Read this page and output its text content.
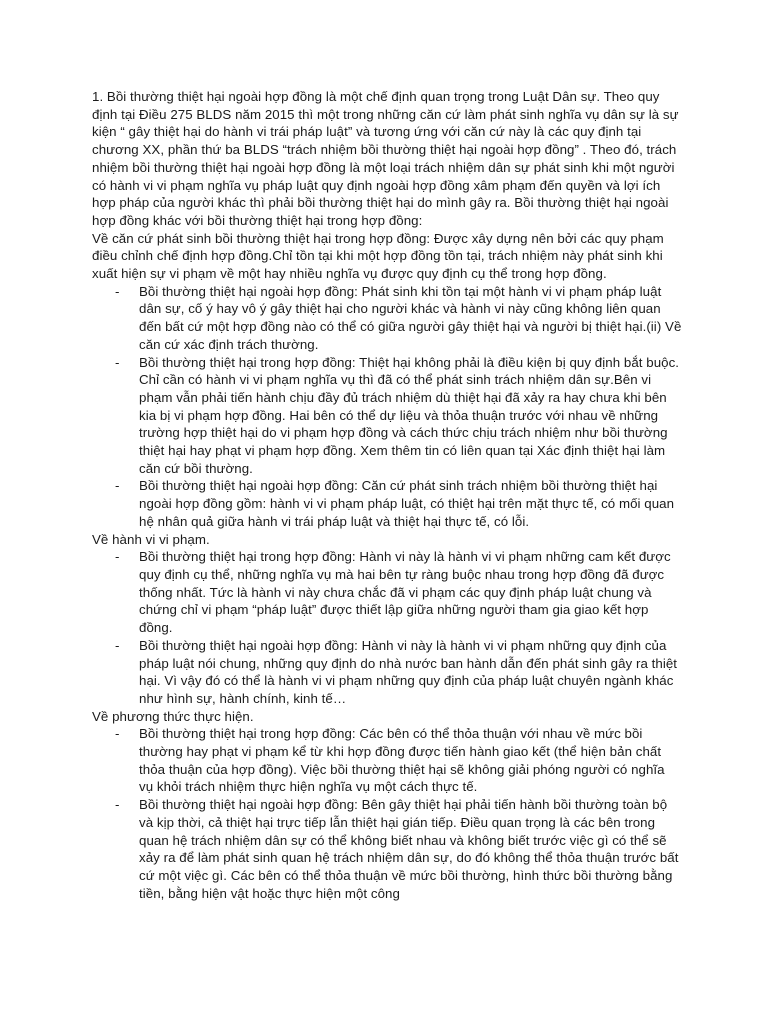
1. Bồi thường thiệt hại ngoài hợp đồng là một chế định quan trọng trong Luật Dân sự. Theo quy định tại Điều 275 BLDS năm 2015 thì một trong những căn cứ làm phát sinh nghĩa vụ dân sự là sự kiện “ gây thiệt hại do hành vi trái pháp luật” và tương ứng với căn cứ này là các quy định tại chương XX, phần thứ ba BLDS “trách nhiệm bồi thường thiệt hại ngoài hợp đồng” . Theo đó, trách nhiệm bồi thường thiệt hại ngoài hợp đồng là một loại trách nhiệm dân sự phát sinh khi một người có hành vi vi phạm nghĩa vụ pháp luật quy định ngoài hợp đồng xâm phạm đến quyền và lợi ích hợp pháp của người khác thì phải bồi thường thiệt hại do mình gây ra. Bồi thường thiệt hại ngoài hợp đồng khác với bồi thường thiệt hại trong hợp đồng:

Về căn cứ phát sinh bồi thường thiệt hại trong hợp đồng: Được xây dựng nên bởi các quy phạm điều chỉnh chế định hợp đồng.Chỉ tồn tại khi một hợp đồng tồn tại, trách nhiệm này phát sinh khi xuất hiện sự vi phạm về một hay nhiều nghĩa vụ được quy định cụ thể trong hợp đồng.

- Bồi thường thiệt hại ngoài hợp đồng: Phát sinh khi tồn tại một hành vi vi phạm pháp luật dân sự, cố ý hay vô ý gây thiệt hại cho người khác và hành vi này cũng không liên quan đến bất cứ một hợp đồng nào có thể có giữa người gây thiệt hại và người bị thiệt hại.(ii) Về căn cứ xác định trách thường.
- Bồi thường thiệt hại trong hợp đồng: Thiệt hại không phải là điều kiện bị quy định bắt buộc. Chỉ cần có hành vi vi phạm nghĩa vụ thì đã có thể phát sinh trách nhiệm dân sự.Bên vi phạm vẫn phải tiến hành chịu đầy đủ trách nhiệm dù thiệt hại đã xảy ra hay chưa khi bên kia bị vi phạm hợp đồng. Hai bên có thể dự liệu và thỏa thuận trước với nhau về những trường hợp thiệt hại do vi phạm hợp đồng và cách thức chịu trách nhiệm như bồi thường thiệt hại hay phạt vi phạm hợp đồng. Xem thêm tin có liên quan tại Xác định thiệt hại làm căn cứ bồi thường.
- Bồi thường thiệt hại ngoài hợp đồng: Căn cứ phát sinh trách nhiệm bồi thường thiệt hại ngoài hợp đồng gồm: hành vi vi phạm pháp luật, có thiệt hại trên mặt thực tế, có mối quan hệ nhân quả giữa hành vi trái pháp luật và thiệt hại thực tế, có lỗi.

Về hành vi vi phạm.

- Bồi thường thiệt hại trong hợp đồng: Hành vi này là hành vi vi phạm những cam kết được quy định cụ thể, những nghĩa vụ mà hai bên tự ràng buộc nhau trong hợp đồng đã được thống nhất. Tức là hành vi này chưa chắc đã vi phạm các quy định pháp luật chung và chứng chỉ vi phạm “pháp luật” được thiết lập giữa những người tham gia giao kết hợp đồng.
- Bồi thường thiệt hại ngoài hợp đồng: Hành vi này là hành vi vi phạm những quy định của pháp luật nói chung, những quy định do nhà nước ban hành dẫn đến phát sinh gây ra thiệt hại. Vì vậy đó có thể là hành vi vi phạm những quy định của pháp luật chuyên ngành khác như hình sự, hành chính, kinh tế…

Về phương thức thực hiện.

- Bồi thường thiệt hại trong hợp đồng: Các bên có thể thỏa thuận với nhau về mức bồi thường hay phạt vi phạm kể từ khi hợp đồng được tiến hành giao kết (thể hiện bản chất thỏa thuận của hợp đồng). Việc bồi thường thiệt hại sẽ không giải phóng người có nghĩa vụ khỏi trách nhiệm thực hiện nghĩa vụ một cách thực tế.
- Bồi thường thiệt hại ngoài hợp đồng: Bên gây thiệt hại phải tiến hành bồi thường toàn bộ và kịp thời, cả thiệt hại trực tiếp lẫn thiệt hại gián tiếp. Điều quan trọng là các bên trong quan hệ trách nhiệm dân sự có thể không biết nhau và không biết trước việc gì có thể sẽ xảy ra để làm phát sinh quan hệ trách nhiệm dân sự, do đó không thể thỏa thuận trước bất cứ một việc gì. Các bên có thể thỏa thuận về mức bồi thường, hình thức bồi thường bằng tiền, bằng hiện vật hoặc thực hiện một công
